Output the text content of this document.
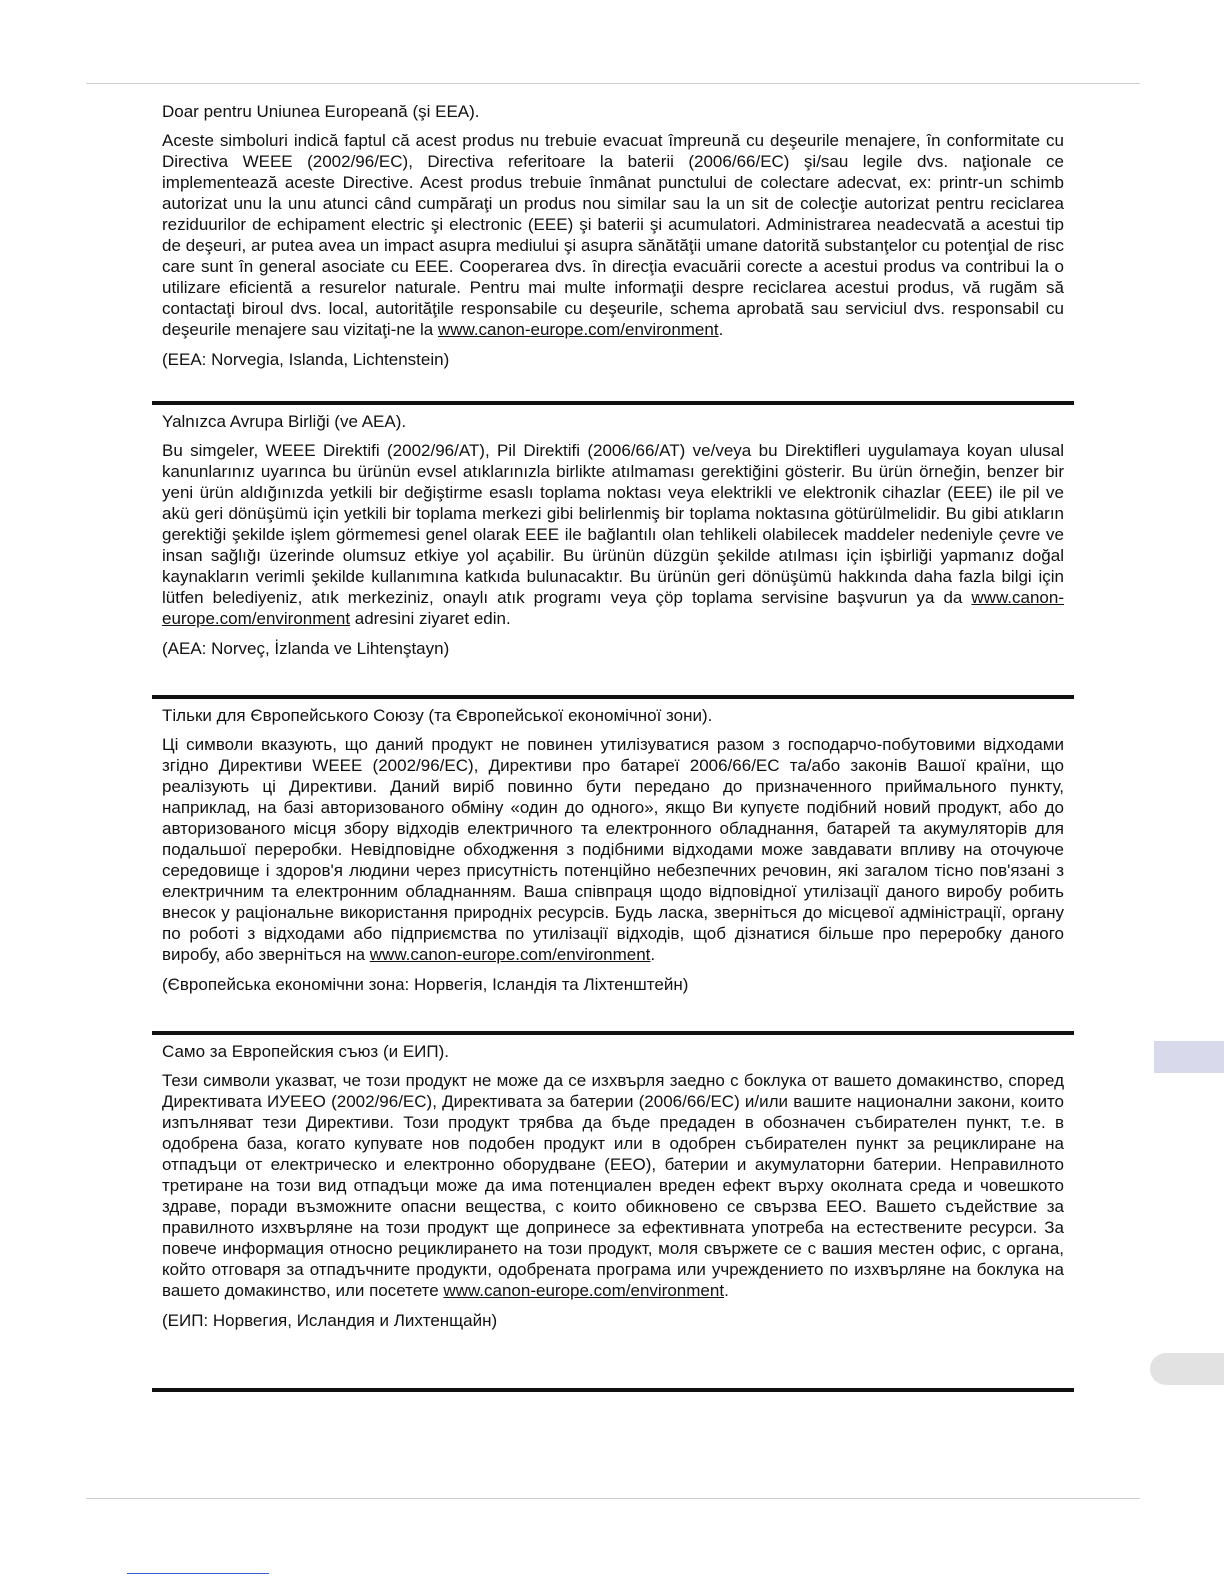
Doar pentru Uniunea Europeană (şi EEA).
Aceste simboluri indică faptul că acest produs nu trebuie evacuat împreună cu deşeurile menajere, în conformitate cu Directiva WEEE (2002/96/EC), Directiva referitoare la baterii (2006/66/EC) şi/sau legile dvs. naţionale ce implementează aceste Directive. Acest produs trebuie înmânat punctului de colectare adecvat, ex: printr-un schimb autorizat unu la unu atunci când cumpăraţi un produs nou similar sau la un sit de colecţie autorizat pentru reciclarea reziduurilor de echipament electric şi electronic (EEE) şi baterii şi acumulatori. Administrarea neadecvată a acestui tip de deşeuri, ar putea avea un impact asupra mediului şi asupra sănătăţii umane datorită substanţelor cu potenţial de risc care sunt în general asociate cu EEE. Cooperarea dvs. în direcţia evacuării corecte a acestui produs va contribui la o utilizare eficientă a resurelor naturale. Pentru mai multe informaţii despre reciclarea acestui produs, vă rugăm să contactaţi biroul dvs. local, autorităţile responsabile cu deşeurile, schema aprobată sau serviciul dvs. responsabil cu deşeurile menajere sau vizitaţi-ne la www.canon-europe.com/environment.
(EEA: Norvegia, Islanda, Lichtenstein)
Yalnızca Avrupa Birliği (ve AEA).
Bu simgeler, WEEE Direktifi (2002/96/AT), Pil Direktifi (2006/66/AT) ve/veya bu Direktifleri uygulamaya koyan ulusal kanunlarınız uyarınca bu ürünün evsel atıklarınızla birlikte atılmaması gerektiğini gösterir. Bu ürün örneğin, benzer bir yeni ürün aldığınızda yetkili bir değiştirme esaslı toplama noktası veya elektrikli ve elektronik cihazlar (EEE) ile pil ve akü geri dönüşümü için yetkili bir toplama merkezi gibi belirlenmiş bir toplama noktasına götürülmelidir. Bu gibi atıkların gerektiği şekilde işlem görmemesi genel olarak EEE ile bağlantılı olan tehlikeli olabilecek maddeler nedeniyle çevre ve insan sağlığı üzerinde olumsuz etkiye yol açabilir. Bu ürünün düzgün şekilde atılması için işbirliği yapmanız doğal kaynakların verimli şekilde kullanımına katkıda bulunacaktır. Bu ürünün geri dönüşümü hakkında daha fazla bilgi için lütfen belediyeniz, atık merkeziniz, onaylı atık programı veya çöp toplama servisine başvurun ya da www.canon-europe.com/environment adresini ziyaret edin.
(AEA: Norveç, İzlanda ve Lihtenştayn)
Тільки для Європейського Союзу (та Європейської економічної зони).
Ці символи вказують, що даний продукт не повинен утилізуватися разом з господарчо-побутовими відходами згідно Директиви WEEE (2002/96/EC), Директиви про батареї 2006/66/EC та/або законів Вашої країни, що реалізують ці Директиви. Даний виріб повинно бути передано до призначенного приймального пункту, наприклад, на базі авторизованого обміну «один до одного», якщо Ви купуєте подібний новий продукт, або до авторизованого місця збору відходів електричного та електронного обладнання, батарей та акумуляторів для подальшої переробки. Невідповідне обходження з подібними відходами може завдавати впливу на оточуюче середовище і здоров'я людини через присутність потенційно небезпечних речовин, які загалом тісно пов'язані з електричним та електронним обладнанням. Ваша співпраця щодо відповідної утилізації даного виробу робить внесок у раціональне використання природніх ресурсів. Будь ласка, зверніться до місцевої адміністрації, органу по роботі з відходами або підприємства по утилізації відходів, щоб дізнатися більше про переробку даного виробу, або зверніться на www.canon-europe.com/environment.
(Європейська економічни зона: Норвегія, Ісландія та Ліхтенштейн)
Само за Европейския съюз (и ЕИП).
Тези символи указват, че този продукт не може да се изхвърля заедно с боклука от вашето домакинство, според Директивата ИУЕЕО (2002/96/EC), Директивата за батерии (2006/66/EC) и/или вашите национални закони, които изпълняват тези Директиви. Този продукт трябва да бъде предаден в обозначен събирателен пункт, т.е. в одобрена база, когато купувате нов подобен продукт или в одобрен събирателен пункт за рециклиране на отпадъци от електрическо и електронно оборудване (ЕЕО), батерии и акумулаторни батерии. Неправилното третиране на този вид отпадъци може да има потенциален вреден ефект върху околната среда и човешкото здраве, поради възможните опасни вещества, с които обикновено се свързва ЕЕО. Вашето съдействие за правилното изхвърляне на този продукт ще допринесе за ефективната употреба на естествените ресурси. За повече информация относно рециклирането на този продукт, моля свържете се с вашия местен офис, с органа, който отговаря за отпадъчните продукти, одобрената програма или учреждението по изхвърляне на боклука на вашето домакинство, или посетете www.canon-europe.com/environment.
(ЕИП: Норвегия, Исландия и Лихтенщайн)
